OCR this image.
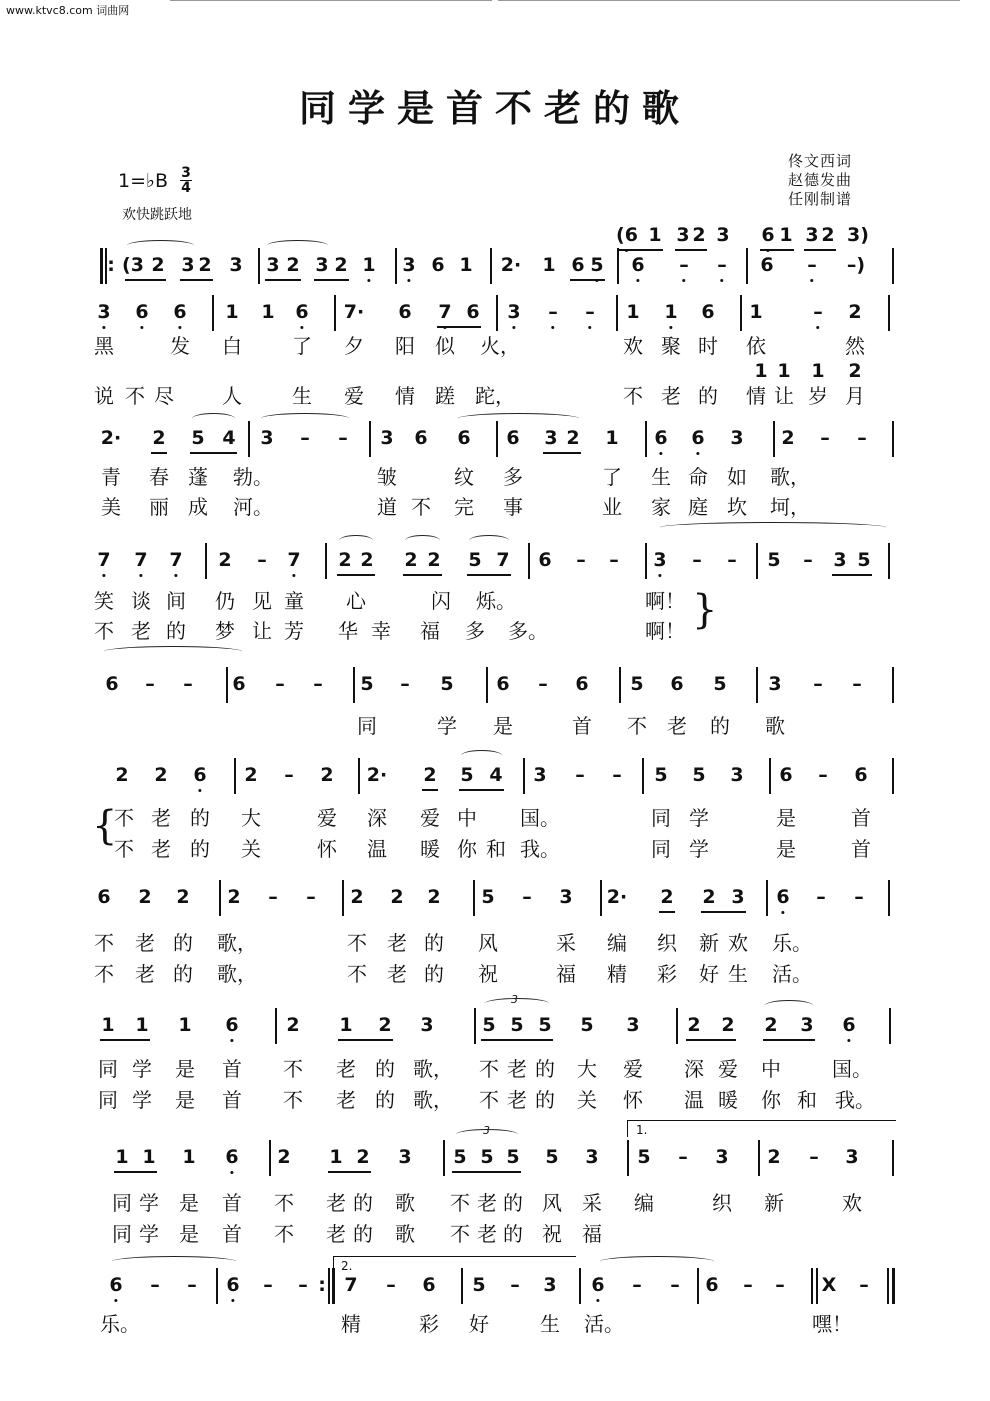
www.ktvc8.com 词曲网
同学是首不老的歌
1=♭B 3
4
欢快跳跃地
佟文西词
赵德发曲
任刚制谱
(6 1 3 2 3 6 1 3 2 3)
(3 2 3 2 3 3 2 3 2 1 3 6 1 2· 1 6 5 6 – – 6 – –)
:
3 6 6 1 1 6 7· 6 7 6 3 – – 1 1 6 1	– 2
1 1 1 2
2· 2 5 4 3 – – 3 6 6 6 3 2 1 6 6 3 2 – –
7 7 7 2 – 7 2 2 2 2 5 7 6 – – 3 – – 5 – 3 5
6 – – 6 – – 5 – 5 6 – 6 5 6 5 3 – –
2 2 6 2 – 2 2· 2 5 4 3 – – 5 5 3 6 – 6
6 2 2 2 – – 2 2 2 5 – 3 2· 2 2 3 6 – –
1 1 1 6	2 1 2 3	5 5 5 5 3	2 2 2 3 6
1 1 1 6 2 1 2 3 5 5 5 5 3 5 – 3 2 – 3
6 – – 6 – – 7 – 6 5 – 3 6 – – 6 – – X –
:
黑	发 白	了 夕 阳 似 火，	欢 聚 时 依	然
说 不 尽 人	生 爱 情 蹉 跎，	不 老 的 情 让 岁 月
青 春 蓬 勃。	皱	纹 多	了 生 命 如 歌，
美 丽 成 河。	道 不 完 事	业 家 庭 坎 坷，
笑 谈 间 仍 见 童 心	闪 烁。	啊！
不 老 的 梦 让 芳 华 幸 福 多 多。	啊！
同	学 是	首 不 老 的 歌
不 老 的 大	爱 深 爱 中 国。	同 学	是	首
不 老 的 关	怀 温 暖 你 和 我。	同 学	是	首
不 老 的 歌，	不 老 的 风	采 编 织 新 欢 乐。
不 老 的 歌，	不 老 的 祝	福 精 彩 好 生 活。
同 学 是 首 不 老 的 歌， 不 老 的 大 爱 深 爱 中	国。
同 学 是 首 不 老 的 歌， 不 老 的 关 怀 温 暖 你 和 我。
同 学 是 首 不 老 的 歌 不 老 的 风 采 编	织 新	欢
同 学 是 首 不 老 的 歌 不 老 的 祝 福
乐。	精	彩 好	生 活。	嘿！
}
{
3
3	1.
2.
